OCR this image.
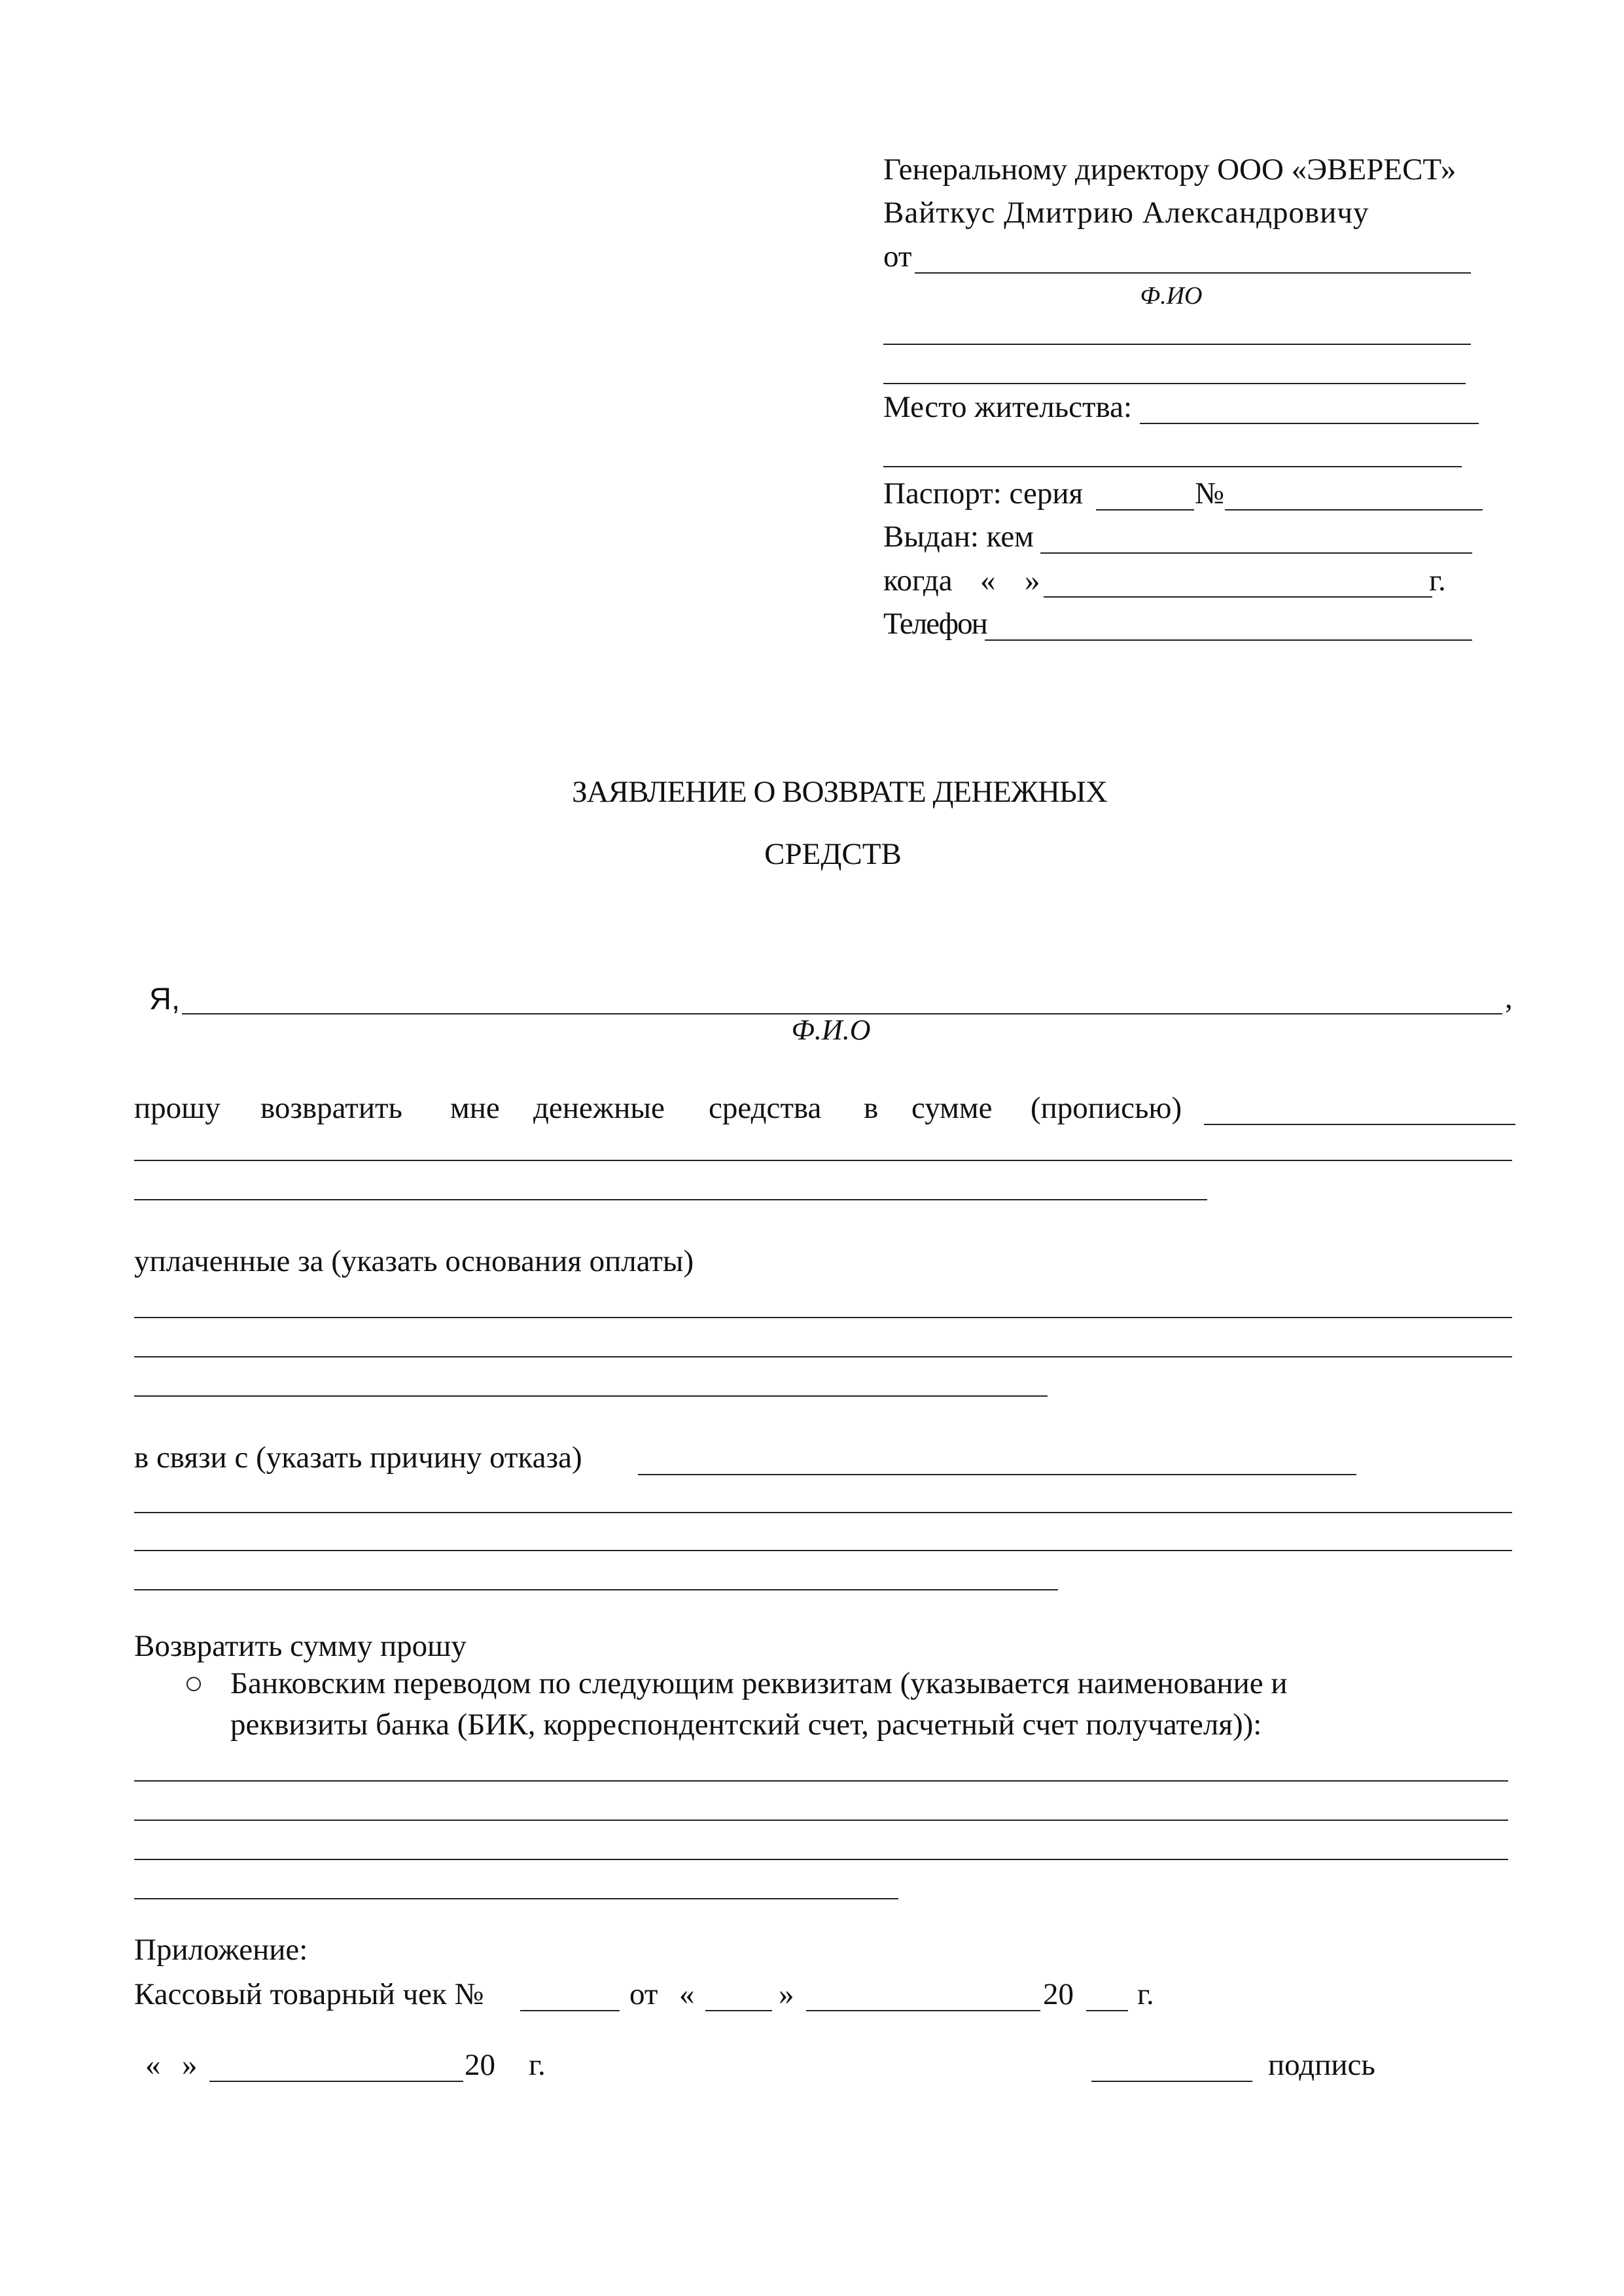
Генеральному директору ООО «ЭВЕРЕСТ»
Вайткус Дмитрию Александровичу
от
Ф.ИО
Место жительства:
Паспорт: серия	№
Выдан: кем
когда « »	г.
Телефон
ЗАЯВЛЕНИЕ О ВОЗВРАТЕ ДЕНЕЖНЫХ
СРЕДСТВ
Я,	,
Ф.И.О
прошу возвратить мне денежные средства в сумме (прописью)
уплаченные за (указать основания оплаты)
в связи с (указать причину отказа)
Возвратить сумму прошу
Банковским переводом по следующим реквизитам (указывается наименование и
реквизиты банка (БИК, корреспондентский счет, расчетный счет получателя)):
Приложение:
Кассовый товарный чек №	от «	»	20 г.
« »	20 г.	подпись
